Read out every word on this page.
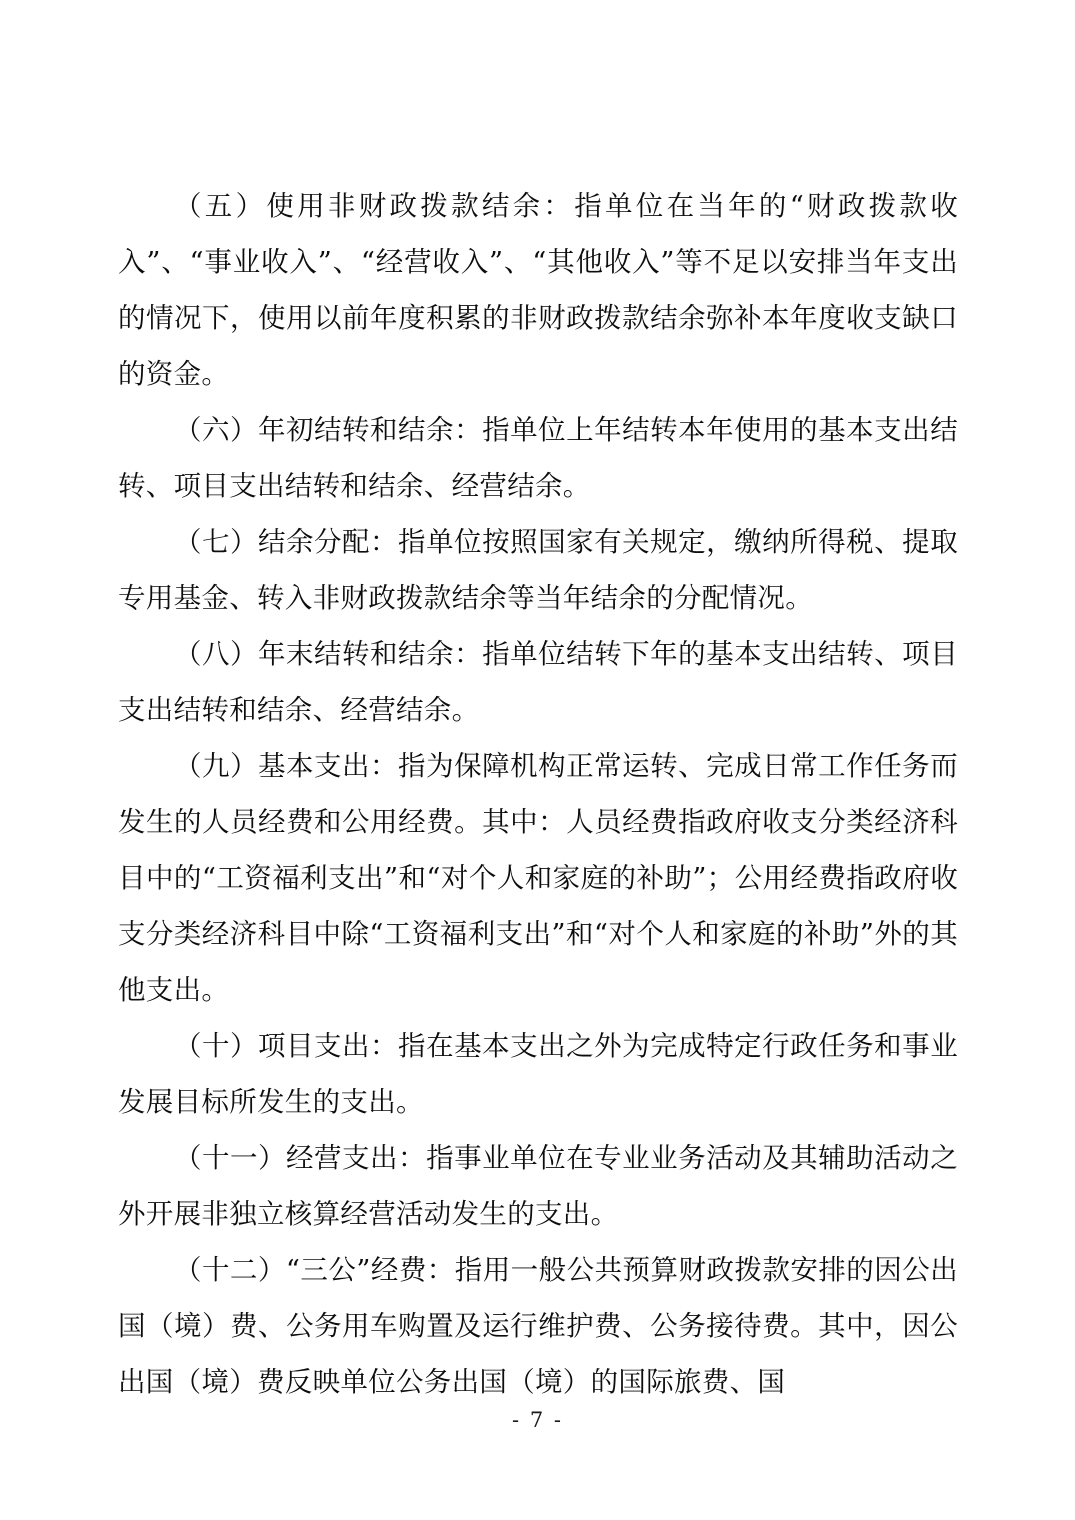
（五）使用非财政拨款结余：指单位在当年的“财政拨款收入”、“事业收入”、“经营收入”、“其他收入”等不足以安排当年支出的情况下，使用以前年度积累的非财政拨款结余弥补本年度收支缺口的资金。

（六）年初结转和结余：指单位上年结转本年使用的基本支出结转、项目支出结转和结余、经营结余。

（七）结余分配：指单位按照国家有关规定，缴纳所得税、提取专用基金、转入非财政拨款结余等当年结余的分配情况。

（八）年末结转和结余：指单位结转下年的基本支出结转、项目支出结转和结余、经营结余。

（九）基本支出：指为保障机构正常运转、完成日常工作任务而发生的人员经费和公用经费。其中：人员经费指政府收支分类经济科目中的“工资福利支出”和“对个人和家庭的补助”；公用经费指政府收支分类经济科目中除“工资福利支出”和“对个人和家庭的补助”外的其他支出。

（十）项目支出：指在基本支出之外为完成特定行政任务和事业发展目标所发生的支出。

（十一）经营支出：指事业单位在专业业务活动及其辅助活动之外开展非独立核算经营活动发生的支出。

（十二）“三公”经费：指用一般公共预算财政拨款安排的因公出国（境）费、公务用车购置及运行维护费、公务接待费。其中，因公出国（境）费反映单位公务出国（境）的国际旅费、国

- 7 -
